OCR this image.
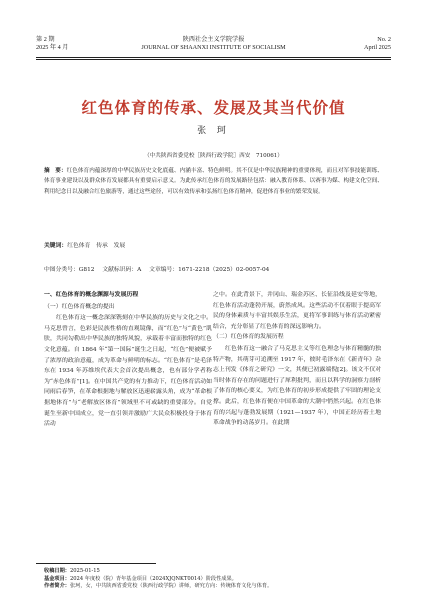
第 2 期
2025 年 4 月
陕西社会主义学院学报
JOURNAL OF SHAANXI INSTITUTE OF SOCIALISM
No. 2
April 2025
红色体育的传承、发展及其当代价值
张 珂
（中共陕西省委党校［陕西行政学院］西安　710061）
摘　要：红色体育内蕴深厚的中华民族历史文化底蕴、内涵丰富、特色鲜明。其不仅是中华民族精神的重要体现，而且对军事技能训练、体育事业建设以及群众体育发展都具有重要启示意义。为此传承红色体育的发展路径包括：融入教育体系、以赛事为媒、构建文化空间、利用纪念日以及融合红色旅游等，通过这些途径，可以有效传承和弘扬红色体育精神，促进体育事业的繁荣发展。
关键词：红色体育　传承　发展
中图分类号：G812 文献标识码：A 文章编号：1671-2218（2025）02-0057-04
一、红色体育的概念渊源与发展历程
（一）红色体育概念的提出
红色体育这一概念深深镌刻在中华民族的历史与文化之中。马克思曾言，色彩是民族性格的直观镜像，而“红色”与“黄色”肌肤，共同勾勒出中华民族的独特风貌，承载着丰富而独特的红色文化意蕴。自 1864 年“第一国际”诞生之日起，“红色”便被赋予了浓厚的政治意蕴，成为革命与鲜明的标志。“红色体育”是毛泽东在 1934 年苏维埃代表大会首次提出概念，也有部分学者称为“赤色体育”[1]。在中国共产党的有力推动下，红色体育活动如同雨后春笋，在革命根据地与解放区迅速崭露头角，成为“革命根据地体育”与“老解放区体育”领域里不可或缺的重要部分。自党诞生至新中国成立，党一直引领并激励广大民众积极投身于体育活动
之中。在此背景下，井冈山、瑞金苏区、长征沿线及延安等地，红色体育活动蓬勃开展，蔚然成风。这些活动不仅着眼于提高军民的身体素质与丰富其娱乐生活，更将军事训练与体育活动紧密结合，充分彰显了红色体育的深远影响力。
（二）红色体育的发展历程
红色体育这一融合了马克思主义等红色理念与体育精髓的独特产物，其萌芽可追溯至 1917 年，彼时毛泽东在《新青年》杂志上刊发《体育之研究》一文，其便已初露端倪[2]。该文不仅对当时体育存在的问题进行了犀利批判，而且以科学的洞察力剖析了体育的核心要义，为红色体育的初步形成提供了牢固的理论支撑。此后，红色体育便在中国革命的大潮中悄然兴起。在红色体育的兴起与蓬勃发展期（1921—1937 年），中国正经历着土地革命战争的动荡岁月。在此期
收稿日期：2025-01-15
基金项目：2024 年度校（院）青年基金项目（2024XJQNKT0014）阶段性成果。
作者简介：张珂，女，中共陕西省委党校（陕西行政学院）讲师，研究方向：传统体育文化与体育。
